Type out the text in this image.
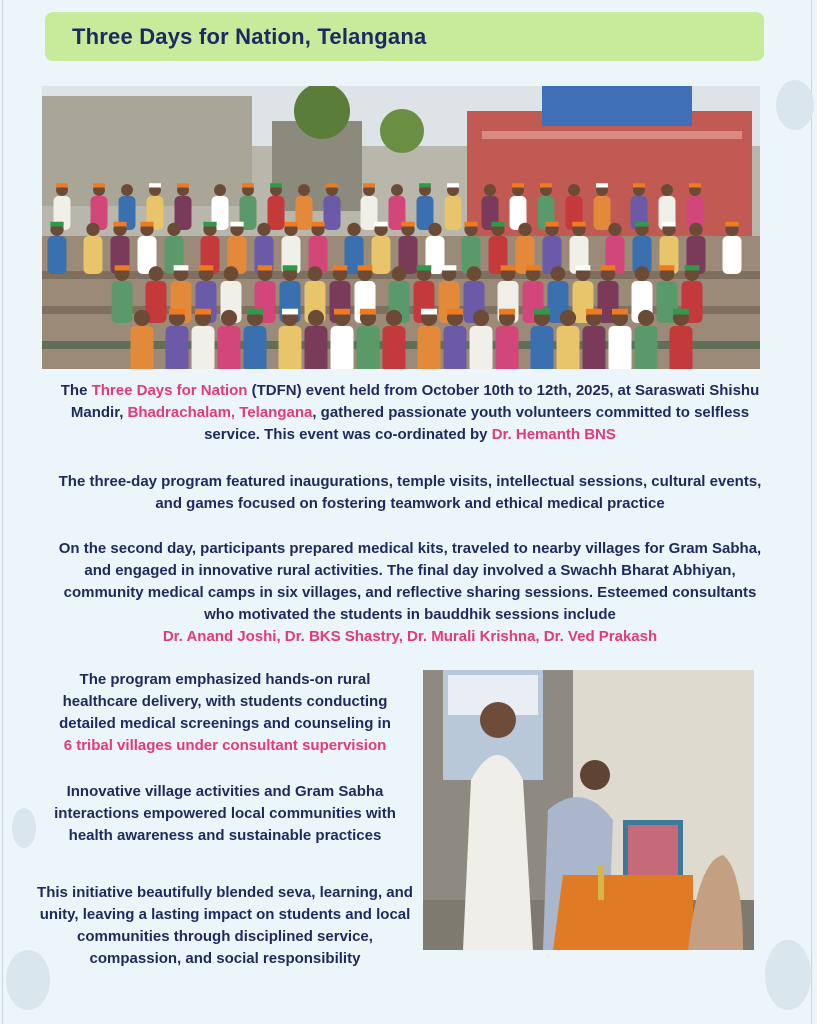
Three Days for Nation, Telangana

The Three Days for Nation (TDFN) event held from October 10th to 12th, 2025, at Saraswati Shishu Mandir, Bhadrachalam, Telangana, gathered passionate youth volunteers committed to selfless service. This event was co-ordinated by Dr. Hemanth BNS

The three-day program featured inaugurations, temple visits, intellectual sessions, cultural events, and games focused on fostering teamwork and ethical medical practice

On the second day, participants prepared medical kits, traveled to nearby villages for Gram Sabha, and engaged in innovative rural activities. The final day involved a Swachh Bharat Abhiyan, community medical camps in six villages, and reflective sharing sessions. Esteemed consultants who motivated the students in bauddhik sessions include
Dr. Anand Joshi, Dr. BKS Shastry, Dr. Murali Krishna, Dr. Ved Prakash

The program emphasized hands-on rural healthcare delivery, with students conducting detailed medical screenings and counseling in
6 tribal villages under consultant supervision

Innovative village activities and Gram Sabha interactions empowered local communities with health awareness and sustainable practices

This initiative beautifully blended seva, learning, and unity, leaving a lasting impact on students and local communities through disciplined service, compassion, and social responsibility
